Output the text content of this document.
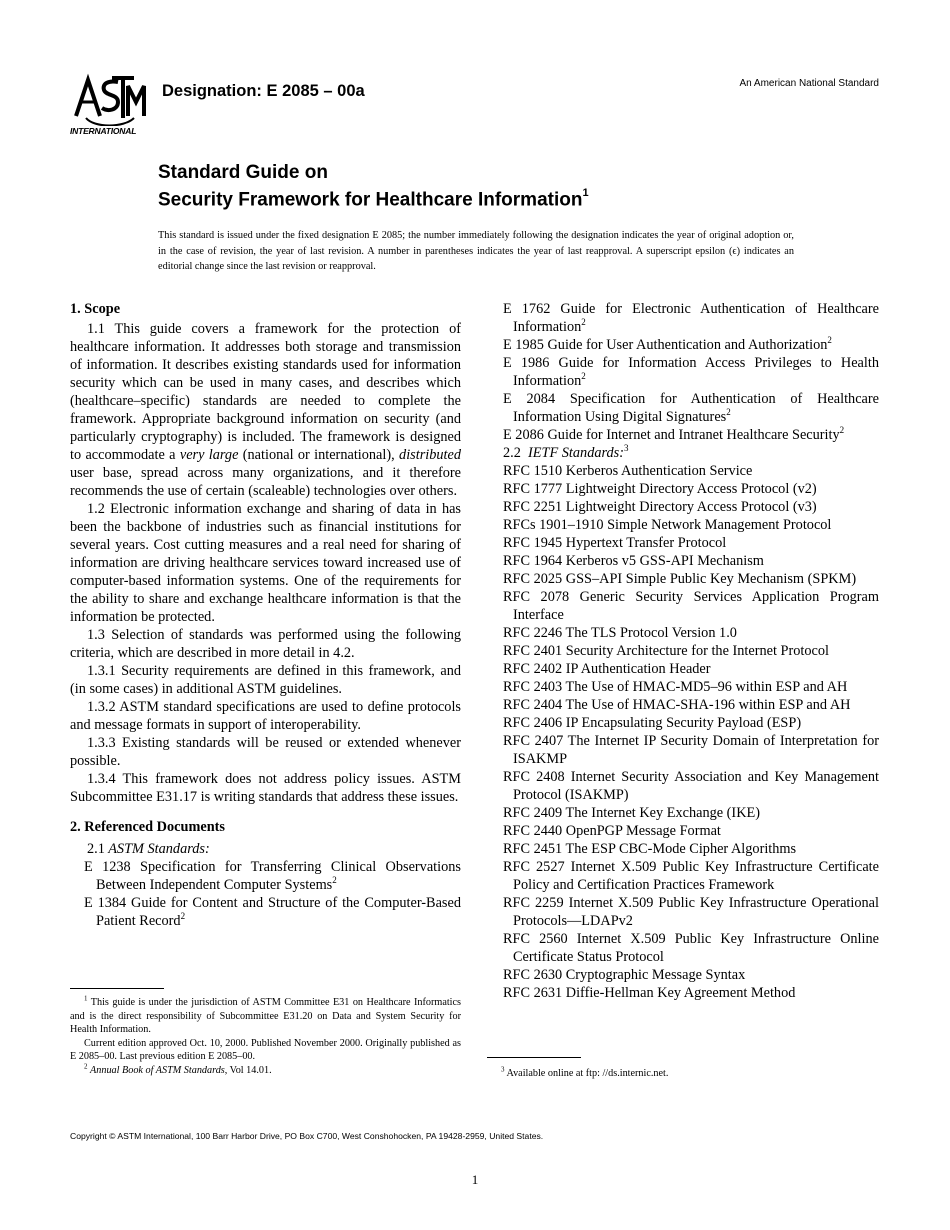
INTERNATIONAL
Designation: E 2085 – 00a	An American National Standard
Standard Guide on
Security Framework for Healthcare Information$^1$
This standard is issued under the fixed designation E 2085; the number immediately following the designation indicates the year of original adoption or, in the case of revision, the year of last revision. A number in parentheses indicates the year of last reapproval. A superscript epsilon (ϵ) indicates an editorial change since the last revision or reapproval.
1. Scope

1.1 This guide covers a framework for the protection of healthcare information. It addresses both storage and transmission of information. It describes existing standards used for information security which can be used in many cases, and describes which (healthcare–specific) standards are needed to complete the framework. Appropriate background information on security (and particularly cryptography) is included. The framework is designed to accommodate a very large (national or international), distributed user base, spread across many organizations, and it therefore recommends the use of certain (scaleable) technologies over others.

1.2 Electronic information exchange and sharing of data in has been the backbone of industries such as financial institutions for several years. Cost cutting measures and a real need for sharing of information are driving healthcare services toward increased use of computer-based information systems. One of the requirements for the ability to share and exchange healthcare information is that the information be protected.

1.3 Selection of standards was performed using the following criteria, which are described in more detail in 4.2.

1.3.1 Security requirements are defined in this framework, and (in some cases) in additional ASTM guidelines.

1.3.2 ASTM standard specifications are used to define protocols and message formats in support of interoperability.

1.3.3 Existing standards will be reused or extended whenever possible.

1.3.4 This framework does not address policy issues. ASTM Subcommittee E31.17 is writing standards that address these issues.

2. Referenced Documents

2.1 ASTM Standards:

E 1238 Specification for Transferring Clinical Observations Between Independent Computer Systems$^2$

E 1384 Guide for Content and Structure of the Computer-Based Patient Record$^2$

E 1762 Guide for Electronic Authentication of Healthcare Information$^2$

E 1985 Guide for User Authentication and Authorization$^2$

E 1986 Guide for Information Access Privileges to Health Information$^2$

E 2084 Specification for Authentication of Healthcare Information Using Digital Signatures$^2$

E 2086 Guide for Internet and Intranet Healthcare Security$^2$

2.2 IETF Standards:$^3$

RFC 1510 Kerberos Authentication Service

RFC 1777 Lightweight Directory Access Protocol (v2)

RFC 2251 Lightweight Directory Access Protocol (v3)

RFCs 1901–1910 Simple Network Management Protocol

RFC 1945 Hypertext Transfer Protocol

RFC 1964 Kerberos v5 GSS-API Mechanism

RFC 2025 GSS–API Simple Public Key Mechanism (SPKM)

RFC 2078 Generic Security Services Application Program Interface

RFC 2246 The TLS Protocol Version 1.0

RFC 2401 Security Architecture for the Internet Protocol

RFC 2402 IP Authentication Header

RFC 2403 The Use of HMAC-MD5–96 within ESP and AH

RFC 2404 The Use of HMAC-SHA-196 within ESP and AH

RFC 2406 IP Encapsulating Security Payload (ESP)

RFC 2407 The Internet IP Security Domain of Interpretation for ISAKMP

RFC 2408 Internet Security Association and Key Management Protocol (ISAKMP)

RFC 2409 The Internet Key Exchange (IKE)

RFC 2440 OpenPGP Message Format

RFC 2451 The ESP CBC-Mode Cipher Algorithms

RFC 2527 Internet X.509 Public Key Infrastructure Certificate Policy and Certification Practices Framework

RFC 2259 Internet X.509 Public Key Infrastructure Operational Protocols—LDAPv2

RFC 2560 Internet X.509 Public Key Infrastructure Online Certificate Status Protocol

RFC 2630 Cryptographic Message Syntax

RFC 2631 Diffie-Hellman Key Agreement Method

$^1$ This guide is under the jurisdiction of ASTM Committee E31 on Healthcare Informatics and is the direct responsibility of Subcommittee E31.20 on Data and System Security for Health Information.

Current edition approved Oct. 10, 2000. Published November 2000. Originally published as E 2085–00. Last previous edition E 2085–00.

$^2$ Annual Book of ASTM Standards, Vol 14.01.	$^3$ Available online at ftp: //ds.internic.net.

Copyright © ASTM International, 100 Barr Harbor Drive, PO Box C700, West Conshohocken, PA 19428-2959, United States.
1
